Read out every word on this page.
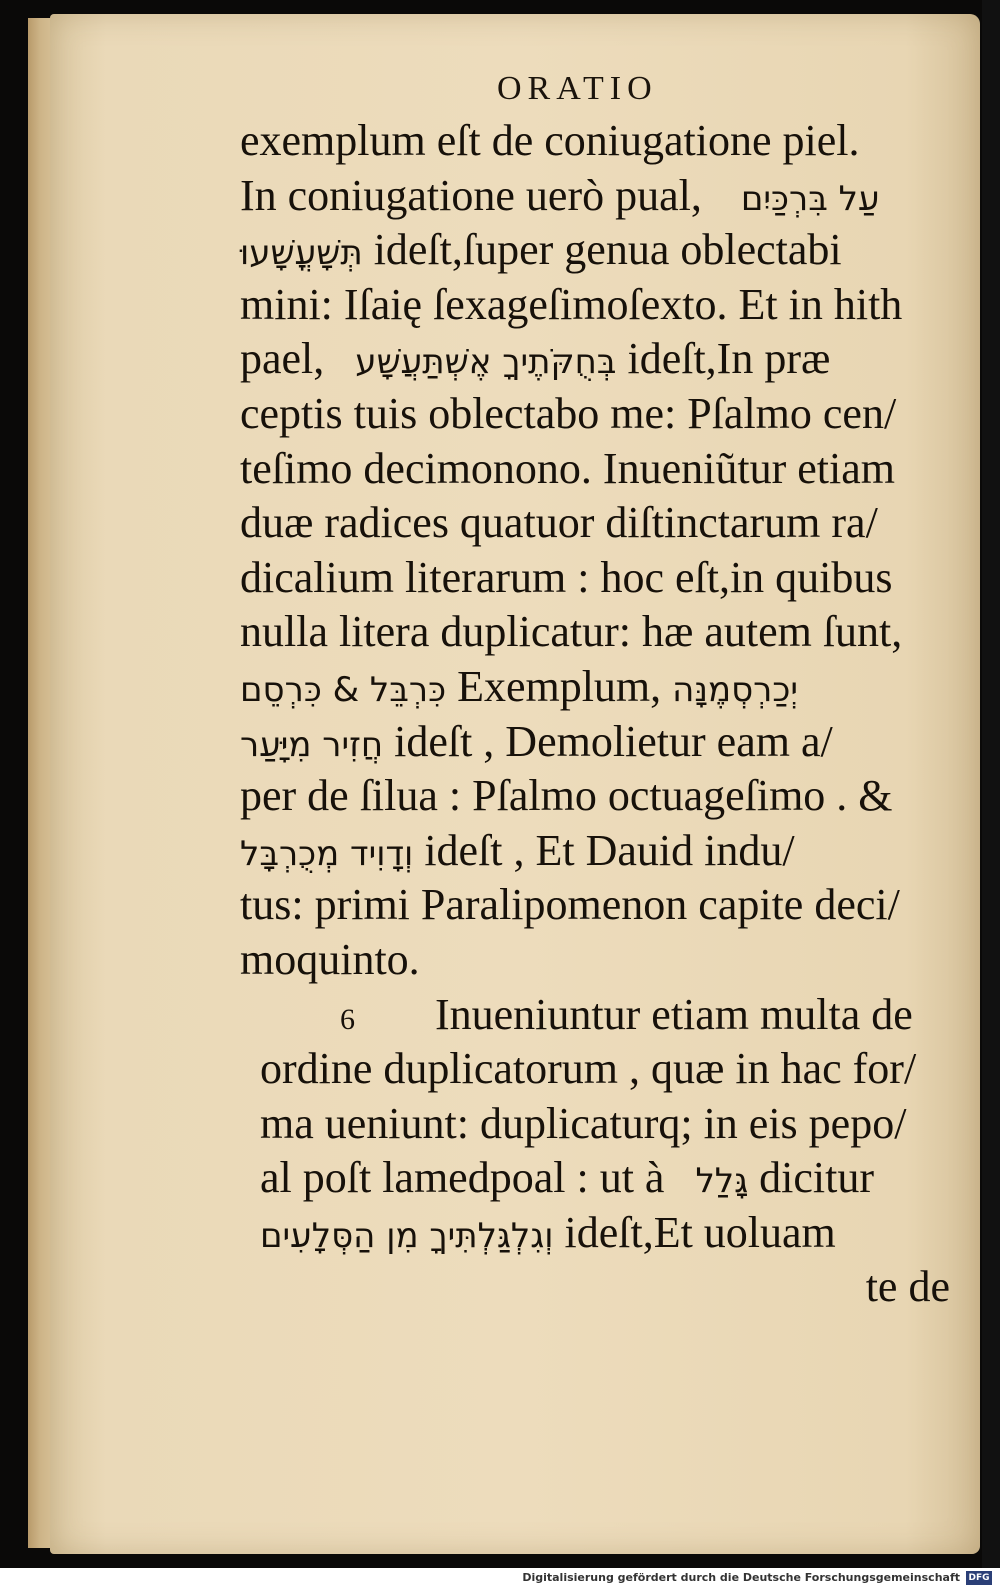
ORATIO
exemplum eſt de coniugatione piel.
In coniugatione uerò pual, עַל בִּרְכַּיִם
תְּשָׁעֳשָׁעוּ ideſt,ſuper genua oblectabi
mini: Iſaię ſexageſimoſexto. Et in hith
pael, בְּחֻקֹּתֶיךָ אֶשְׁתַּעֲשָׁע ideſt,In præ
ceptis tuis oblectabo me: Pſalmo cen/
teſimo decimonono. Inueniũtur etiam
duæ radices quatuor diſtinctarum ra/
dicalium literarum : hoc eſt,in quibus
nulla litera duplicatur: hæ autem ſunt,
כִּרְבֵּל & כִּרְסֵם Exemplum, יְכַרְסְמֶנָּה
חֲזִיר מִיָּעַר ideſt , Demolietur eam a/
per de ſilua : Pſalmo octuageſimo . &
וְדָוִיד מְכֻרְבָּל ideſt , Et Dauid indu/
tus: primi Paralipomenon capite deci/
moquinto.
6 Inueniuntur etiam multa de
ordine duplicatorum , quæ in hac for/
ma ueniunt: duplicaturq; in eis pepo/
al poſt lamedpoal : ut à גָּלַל dicitur
וְגִלְגַּלְתִּיךָ מִן הַסְּלָעִים ideſt,Et uoluam
te de
Digitalisierung gefördert durch die Deutsche Forschungsgemeinschaft DFG
